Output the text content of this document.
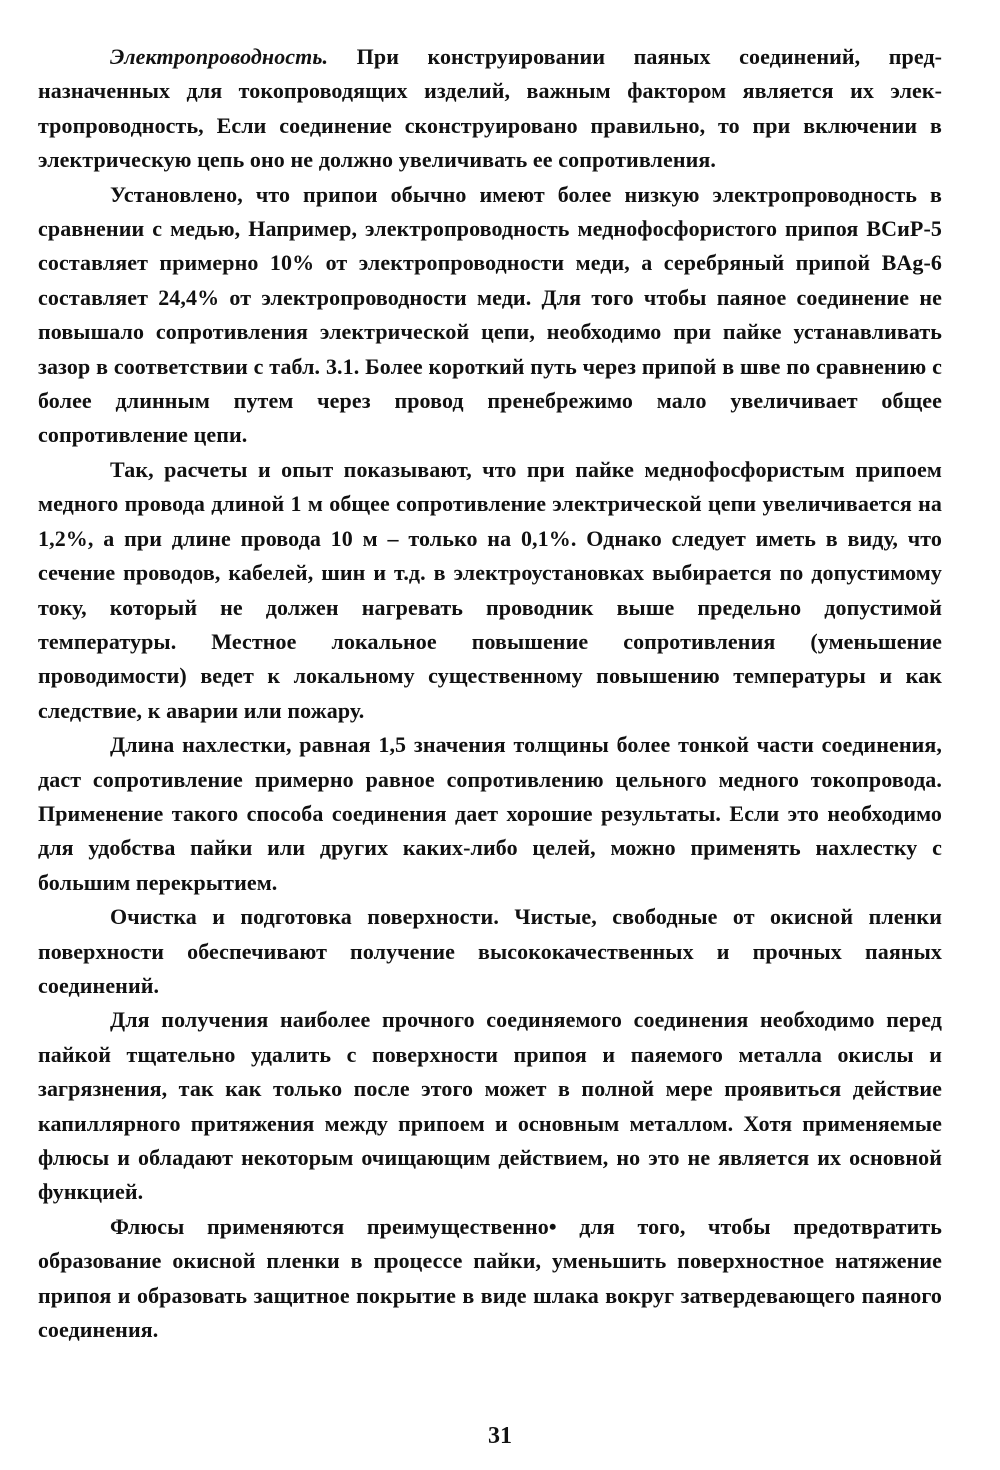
Электропроводность. При конструировании паяных соединений, предназначенных для токопроводящих изделий, важным фактором является их электропроводность, Если соединение сконструировано правильно, то при включении в электрическую цепь оно не должно увеличивать ее сопротивления.

Установлено, что припои обычно имеют более низкую электропроводность в сравнении с медью, Например, электропроводность меднофосфористого припоя ВСиР-5 составляет примерно 10% от электропроводности меди, а серебряный припой BAg-6 составляет 24,4% от электропроводности меди. Для того чтобы паяное соединение не повышало сопротивления электрической цепи, необходимо при пайке устанавливать зазор в соответствии с табл. 3.1. Более короткий путь через припой в шве по сравнению с более длинным путем через провод пренебрежимо мало увеличивает общее сопротивление цепи.

Так, расчеты и опыт показывают, что при пайке меднофосфористым припоем медного провода длиной 1 м общее сопротивление электрической цепи увеличивается на 1,2%, а при длине провода 10 м – только на 0,1%. Однако следует иметь в виду, что сечение проводов, кабелей, шин и т.д. в электроустановках выбирается по допустимому току, который не должен нагревать проводник выше предельно допустимой температуры. Местное локальное повышение сопротивления (уменьшение проводимости) ведет к локальному существенному повышению температуры и как следствие, к аварии или пожару.

Длина нахлестки, равная 1,5 значения толщины более тонкой части соединения, даст сопротивление примерно равное сопротивлению цельного медного токопровода. Применение такого способа соединения дает хорошие результаты. Если это необходимо для удобства пайки или других каких-либо целей, можно применять нахлестку с большим перекрытием.

Очистка и подготовка поверхности. Чистые, свободные от окисной пленки поверхности обеспечивают получение высококачественных и прочных паяных соединений.

Для получения наиболее прочного соединяемого соединения необходимо перед пайкой тщательно удалить с поверхности припоя и паяемого металла окислы и загрязнения, так как только после этого может в полной мере проявиться действие капиллярного притяжения между припоем и основным металлом. Хотя применяемые флюсы и обладают некоторым очищающим действием, но это не является их основной функцией.

Флюсы применяются преимущественно• для того, чтобы предотвратить образование окисной пленки в процессе пайки, уменьшить поверхностное натяжение припоя и образовать защитное покрытие в виде шлака вокруг затвердевающего паяного соединения.

31
